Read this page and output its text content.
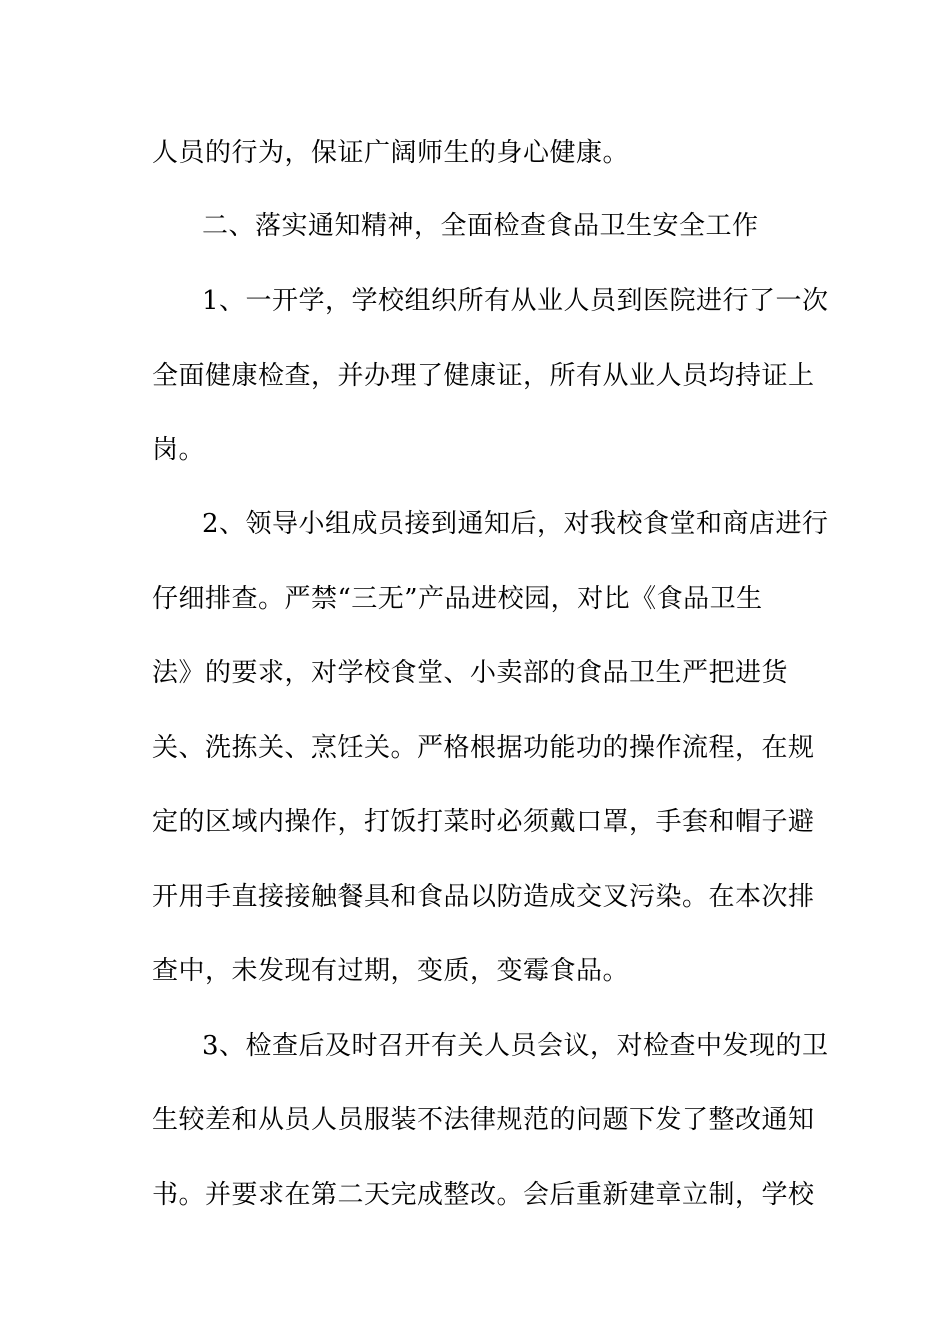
人员的行为，保证广阔师生的身心健康。
二、落实通知精神，全面检查食品卫生安全工作
1、一开学，学校组织所有从业人员到医院进行了一次
全面健康检查，并办理了健康证，所有从业人员均持证上
岗。
2、领导小组成员接到通知后，对我校食堂和商店进行
仔细排查。严禁“三无”产品进校园，对比《食品卫生
法》的要求，对学校食堂、小卖部的食品卫生严把进货
关、洗拣关、烹饪关。严格根据功能功的操作流程，在规
定的区域内操作，打饭打菜时必须戴口罩，手套和帽子避
开用手直接接触餐具和食品以防造成交叉污染。在本次排
查中，未发现有过期，变质，变霉食品。
3、检查后及时召开有关人员会议，对检查中发现的卫
生较差和从员人员服装不法律规范的问题下发了整改通知
书。并要求在第二天完成整改。会后重新建章立制，学校
